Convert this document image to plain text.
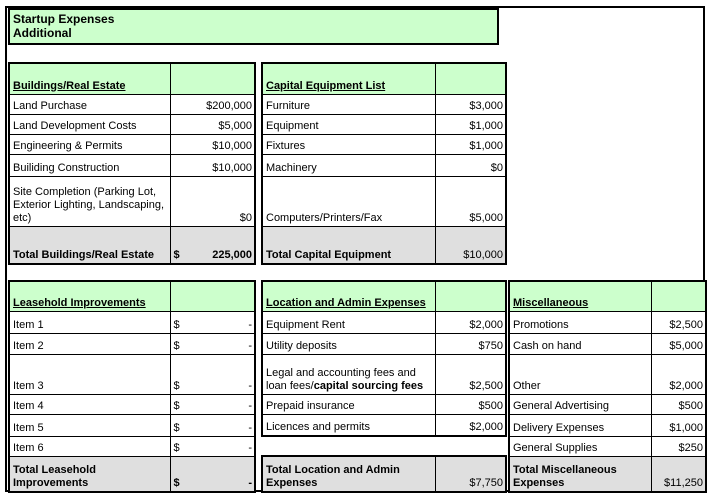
Startup Expenses
Additional
Buildings/Real Estate	
Land Purchase	$200,000
Land Development Costs	$5,000
Engineering & Permits	$10,000
Builiding Construction	$10,000
Site Completion (Parking Lot, Exterior Lighting, Landscaping, etc)	$0
Total Buildings/Real Estate	$ 225,000
Capital Equipment List	
Furniture	$3,000
Equipment	$1,000
Fixtures	$1,000
Machinery	$0
Computers/Printers/Fax	$5,000
Total Capital Equipment	$10,000
Leasehold Improvements	
Item 1	$ -

Item 2	$ -

Item 3	$ -

Item 4	$ -

Item 5	$ -

Item 6	$ -

Total Leasehold Improvements	$ -
Location and Admin Expenses	
Equipment Rent	$2,000
Utility deposits	$750
Legal and accounting fees and loan fees/capital sourcing fees	$2,500
Prepaid insurance	$500
Licences and permits	$2,000
Total Location and Admin Expenses	$7,750
Miscellaneous	
Promotions	$2,500
Cash on hand	$5,000
Other	$2,000
General Advertising	$500
Delivery Expenses	$1,000
General Supplies	$250
Total Miscellaneous Expenses	$11,250
